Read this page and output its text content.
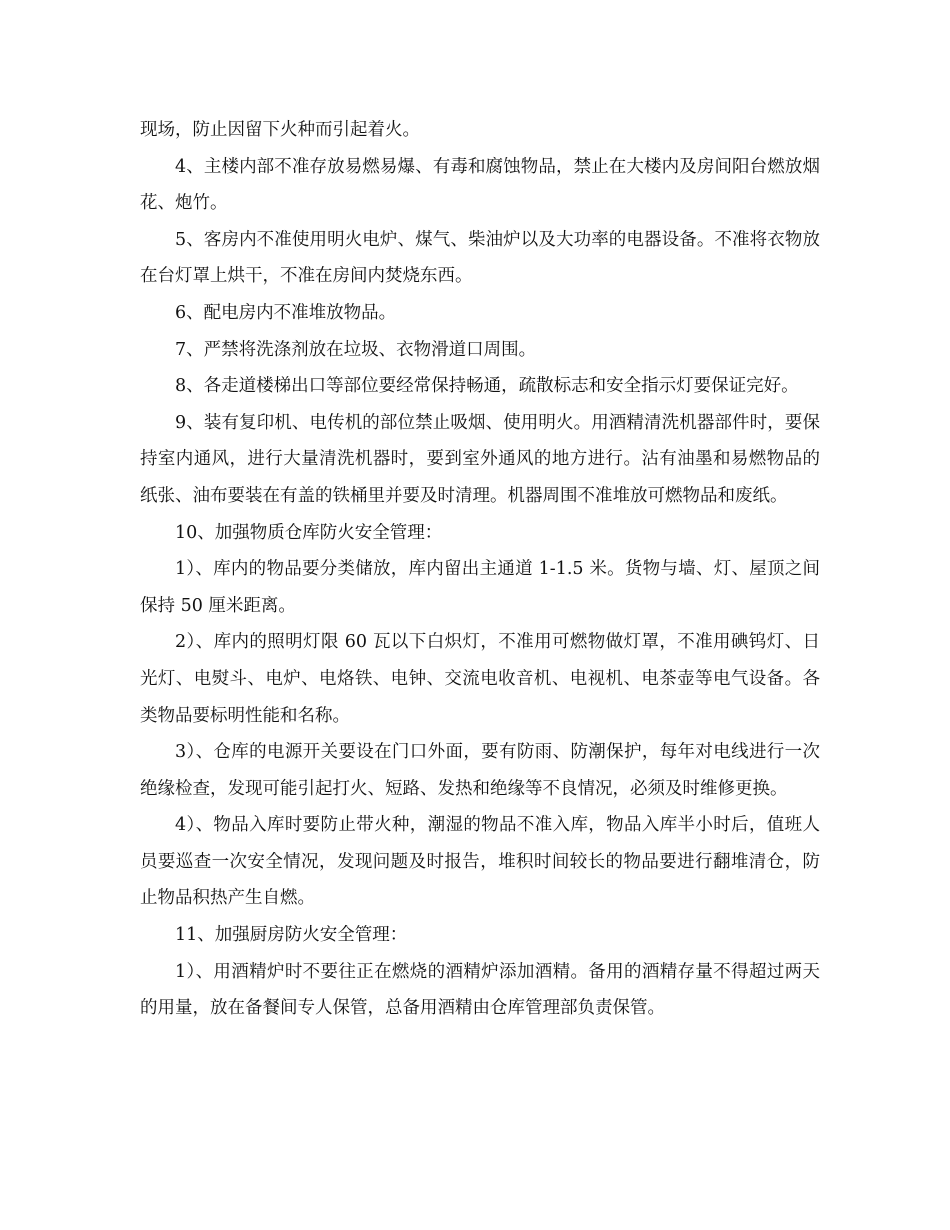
现场，防止因留下火种而引起着火。

4、主楼内部不准存放易燃易爆、有毒和腐蚀物品，禁止在大楼内及房间阳台燃放烟花、炮竹。

5、客房内不准使用明火电炉、煤气、柴油炉以及大功率的电器设备。不准将衣物放在台灯罩上烘干，不准在房间内焚烧东西。

6、配电房内不准堆放物品。

7、严禁将洗涤剂放在垃圾、衣物滑道口周围。

8、各走道楼梯出口等部位要经常保持畅通，疏散标志和安全指示灯要保证完好。

9、装有复印机、电传机的部位禁止吸烟、使用明火。用酒精清洗机器部件时，要保持室内通风，进行大量清洗机器时，要到室外通风的地方进行。沾有油墨和易燃物品的纸张、油布要装在有盖的铁桶里并要及时清理。机器周围不准堆放可燃物品和废纸。

10、加强物质仓库防火安全管理：

1）、库内的物品要分类储放，库内留出主通道 1-1.5 米。货物与墙、灯、屋顶之间保持 50 厘米距离。

2）、库内的照明灯限 60 瓦以下白炽灯，不准用可燃物做灯罩，不准用碘钨灯、日光灯、电熨斗、电炉、电烙铁、电钟、交流电收音机、电视机、电茶壶等电气设备。各类物品要标明性能和名称。

3）、仓库的电源开关要设在门口外面，要有防雨、防潮保护，每年对电线进行一次绝缘检查，发现可能引起打火、短路、发热和绝缘等不良情况，必须及时维修更换。

4）、物品入库时要防止带火种，潮湿的物品不准入库，物品入库半小时后，值班人员要巡查一次安全情况，发现问题及时报告，堆积时间较长的物品要进行翻堆清仓，防止物品积热产生自燃。

11、加强厨房防火安全管理：

1）、用酒精炉时不要往正在燃烧的酒精炉添加酒精。备用的酒精存量不得超过两天的用量，放在备餐间专人保管，总备用酒精由仓库管理部负责保管。
